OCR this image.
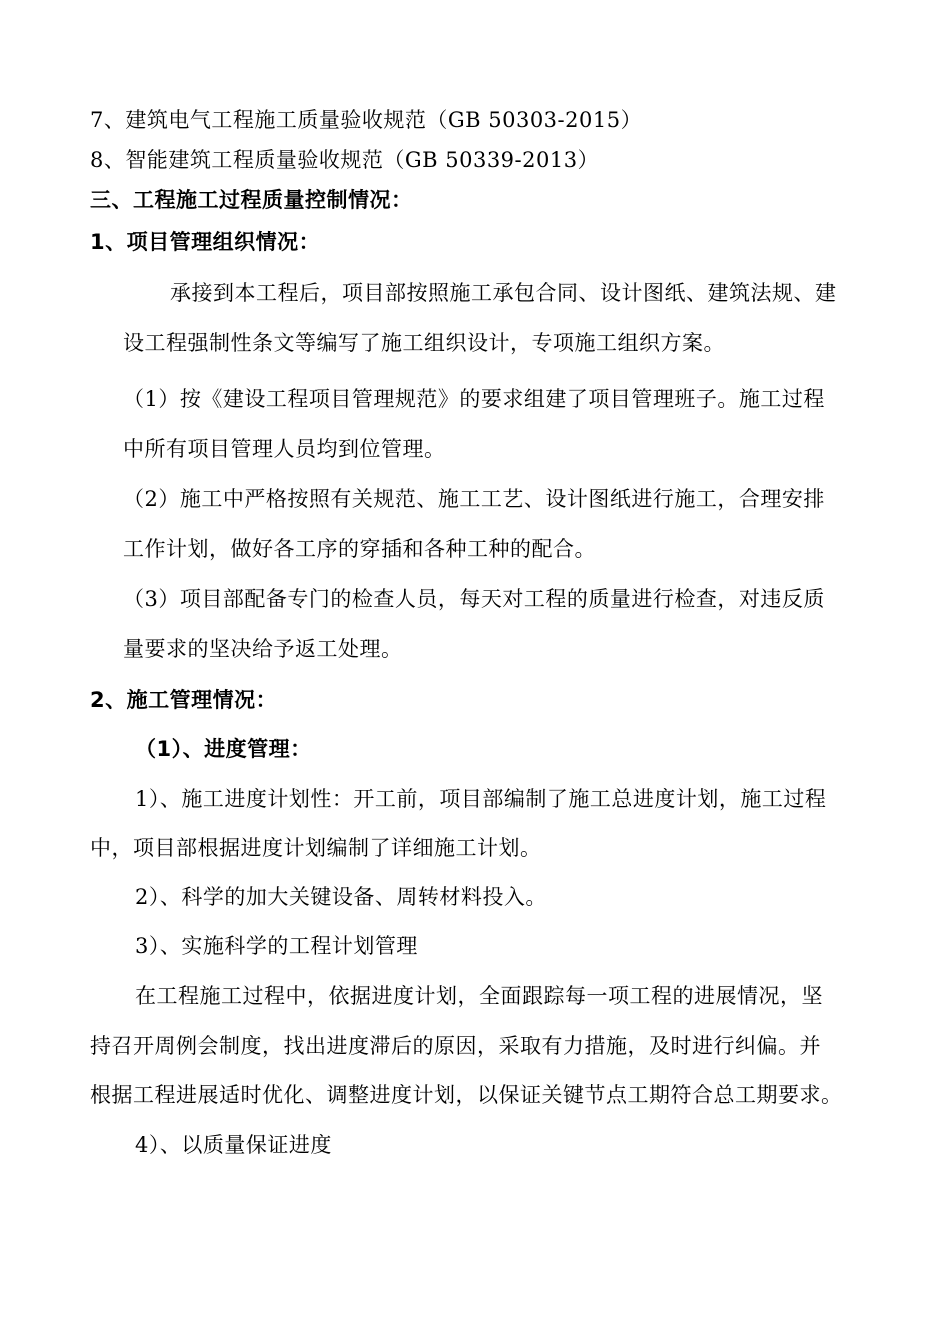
7、建筑电气工程施工质量验收规范（GB 50303-2015）
8、智能建筑工程质量验收规范（GB 50339-2013）
三、工程施工过程质量控制情况：
1、项目管理组织情况：
承接到本工程后，项目部按照施工承包合同、设计图纸、建筑法规、建
设工程强制性条文等编写了施工组织设计，专项施工组织方案。
（1）按《建设工程项目管理规范》的要求组建了项目管理班子。施工过程
中所有项目管理人员均到位管理。
（2）施工中严格按照有关规范、施工工艺、设计图纸进行施工，合理安排
工作计划，做好各工序的穿插和各种工种的配合。
（3）项目部配备专门的检查人员，每天对工程的质量进行检查，对违反质
量要求的坚决给予返工处理。
2、施工管理情况：
（1）、进度管理：
1）、施工进度计划性：开工前，项目部编制了施工总进度计划，施工过程
中，项目部根据进度计划编制了详细施工计划。
2）、科学的加大关键设备、周转材料投入。
3）、实施科学的工程计划管理
在工程施工过程中，依据进度计划，全面跟踪每一项工程的进展情况，坚
持召开周例会制度，找出进度滞后的原因，采取有力措施，及时进行纠偏。并
根据工程进展适时优化、调整进度计划，以保证关键节点工期符合总工期要求。
4）、以质量保证进度
